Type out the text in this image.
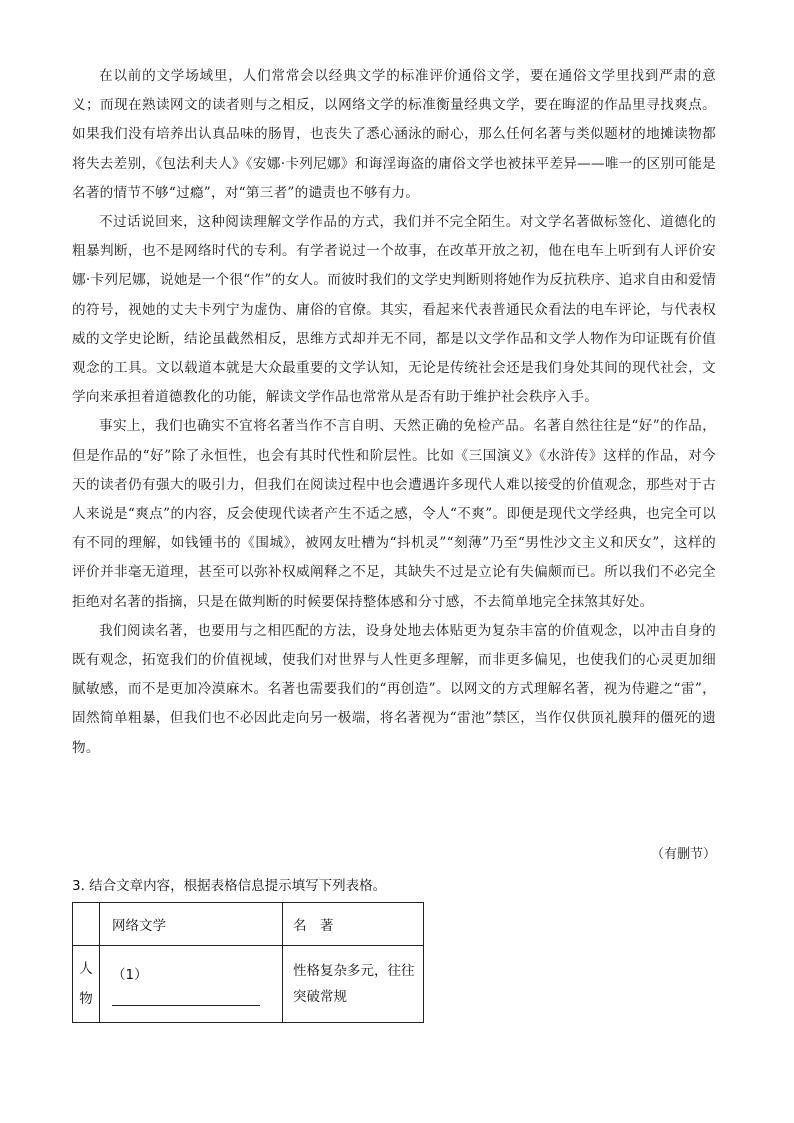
在以前的文学场域里，人们常常会以经典文学的标准评价通俗文学，要在通俗文学里找到严肃的意义；而现在熟读网文的读者则与之相反，以网络文学的标准衡量经典文学，要在晦涩的作品里寻找爽点。如果我们没有培养出认真品味的肠胃，也丧失了悉心涵泳的耐心，那么任何名著与类似题材的地摊读物都将失去差别，《包法利夫人》《安娜·卡列尼娜》和诲淫诲盗的庸俗文学也被抹平差异——唯一的区别可能是名著的情节不够“过瘾”，对“第三者”的谴责也不够有力。

不过话说回来，这种阅读理解文学作品的方式，我们并不完全陌生。对文学名著做标签化、道德化的粗暴判断，也不是网络时代的专利。有学者说过一个故事，在改革开放之初，他在电车上听到有人评价安娜·卡列尼娜，说她是一个很“作”的女人。而彼时我们的文学史判断则将她作为反抗秩序、追求自由和爱情的符号，视她的丈夫卡列宁为虚伪、庸俗的官僚。其实，看起来代表普通民众看法的电车评论，与代表权威的文学史论断，结论虽截然相反，思维方式却并无不同，都是以文学作品和文学人物作为印证既有价值观念的工具。文以载道本就是大众最重要的文学认知，无论是传统社会还是我们身处其间的现代社会，文学向来承担着道德教化的功能，解读文学作品也常常从是否有助于维护社会秩序入手。

事实上，我们也确实不宜将名著当作不言自明、天然正确的免检产品。名著自然往往是“好”的作品，但是作品的“好”除了永恒性，也会有其时代性和阶层性。比如《三国演义》《水浒传》这样的作品，对今天的读者仍有强大的吸引力，但我们在阅读过程中也会遭遇许多现代人难以接受的价值观念，那些对于古人来说是“爽点”的内容，反会使现代读者产生不适之感，令人“不爽”。即便是现代文学经典，也完全可以有不同的理解，如钱锺书的《围城》，被网友吐槽为“抖机灵”“刻薄”乃至“男性沙文主义和厌女”，这样的评价并非毫无道理，甚至可以弥补权威阐释之不足，其缺失不过是立论有失偏颇而已。所以我们不必完全拒绝对名著的指摘，只是在做判断的时候要保持整体感和分寸感，不去简单地完全抹煞其好处。

我们阅读名著，也要用与之相匹配的方法，设身处地去体贴更为复杂丰富的价值观念，以冲击自身的既有观念，拓宽我们的价值视域，使我们对世界与人性更多理解，而非更多偏见，也使我们的心灵更加细腻敏感，而不是更加冷漠麻木。名著也需要我们的“再创造”。以网文的方式理解名著，视为侍避之“雷”，固然简单粗暴，但我们也不必因此走向另一极端，将名著视为“雷池”禁区，当作仅供顶礼膜拜的僵死的遗物。

（有删节）
3. 结合文章内容，根据表格信息提示填写下列表格。
	网络文学	名　著
人
物	（1）	性格复杂多元，往往突破常规
